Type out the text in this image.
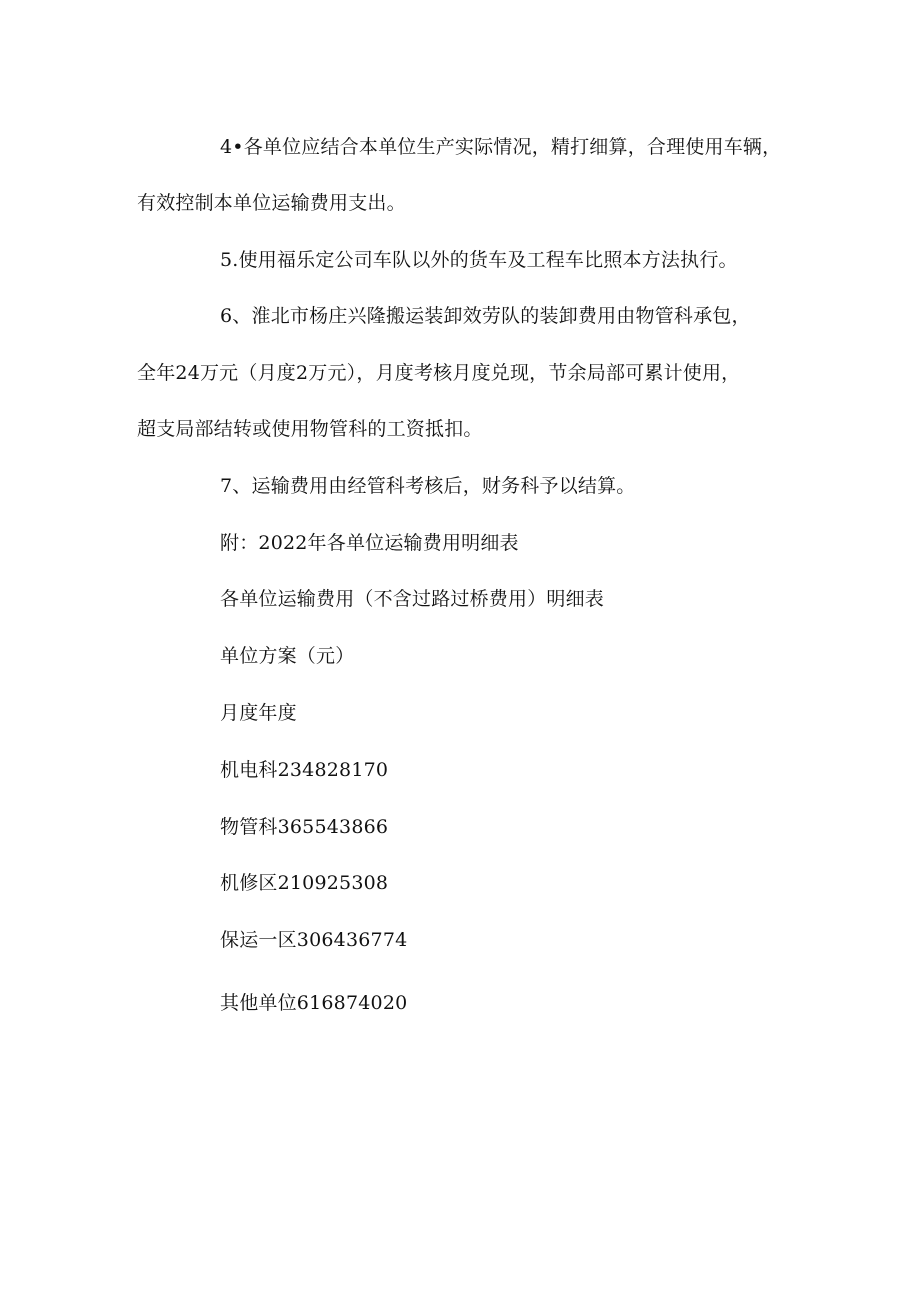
4•各单位应结合本单位生产实际情况，精打细算，合理使用车辆，
有效控制本单位运输费用支出。
5.使用福乐定公司车队以外的货车及工程车比照本方法执行。
6、淮北市杨庄兴隆搬运装卸效劳队的装卸费用由物管科承包，
全年24万元（月度2万元），月度考核月度兑现，节余局部可累计使用，
超支局部结转或使用物管科的工资抵扣。
7、运输费用由经管科考核后，财务科予以结算。
附：2022年各单位运输费用明细表
各单位运输费用（不含过路过桥费用）明细表
单位方案（元）
月度年度
机电科234828170
物管科365543866
机修区210925308
保运一区306436774
其他单位616874020
